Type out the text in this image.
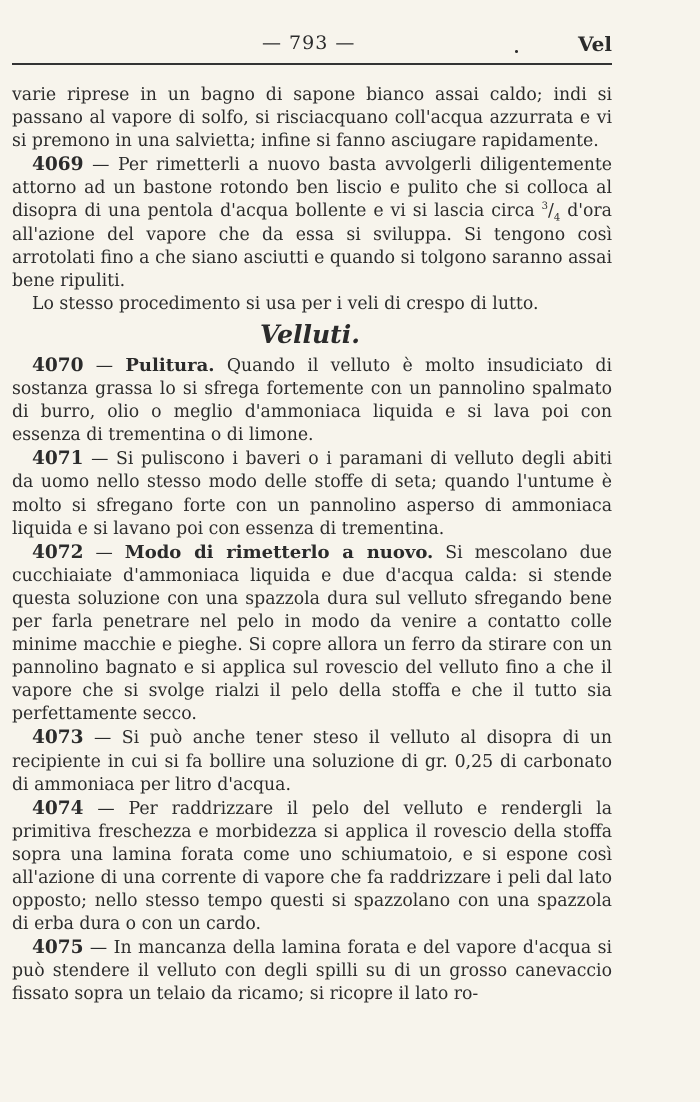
— 793 —	Vel

varie riprese in un bagno di sapone bianco assai caldo; indi si passano al vapore di solfo, si risciacquano coll'acqua azzurrata e vi si premono in una salvietta; infine si fanno asciugare rapidamente.

4069 — Per rimetterli a nuovo basta avvolgerli diligentemente attorno ad un bastone rotondo ben liscio e pulito che si colloca al disopra di una pentola d'acqua bollente e vi si lascia circa $^3/_4$ d'ora all'azione del vapore che da essa si sviluppa. Si tengono così arrotolati fino a che siano asciutti e quando si tolgono saranno assai bene ripuliti.

Lo stesso procedimento si usa per i veli di crespo di lutto.

Velluti.

4070 — Pulitura. Quando il velluto è molto insudiciato di sostanza grassa lo si sfrega fortemente con un pannolino spalmato di burro, olio o meglio d'ammoniaca liquida e si lava poi con essenza di trementina o di limone.

4071 — Si puliscono i baveri o i paramani di velluto degli abiti da uomo nello stesso modo delle stoffe di seta; quando l'untume è molto si sfregano forte con un pannolino asperso di ammoniaca liquida e si lavano poi con essenza di trementina.

4072 — Modo di rimetterlo a nuovo. Si mescolano due cucchiaiate d'ammoniaca liquida e due d'acqua calda: si stende questa soluzione con una spazzola dura sul velluto sfregando bene per farla penetrare nel pelo in modo da venire a contatto colle minime macchie e pieghe. Si copre allora un ferro da stirare con un pannolino bagnato e si applica sul rovescio del velluto fino a che il vapore che si svolge rialzi il pelo della stoffa e che il tutto sia perfettamente secco.

4073 — Si può anche tener steso il velluto al disopra di un recipiente in cui si fa bollire una soluzione di gr. 0,25 di carbonato di ammoniaca per litro d'acqua.

4074 — Per raddrizzare il pelo del velluto e rendergli la primitiva freschezza e morbidezza si applica il rovescio della stoffa sopra una lamina forata come uno schiumatoio, e si espone così all'azione di una corrente di vapore che fa raddrizzare i peli dal lato opposto; nello stesso tempo questi si spazzolano con una spazzola di erba dura o con un cardo.

4075 — In mancanza della lamina forata e del vapore d'acqua si può stendere il velluto con degli spilli su di un grosso canevaccio fissato sopra un telaio da ricamo; si ricopre il lato ro-
